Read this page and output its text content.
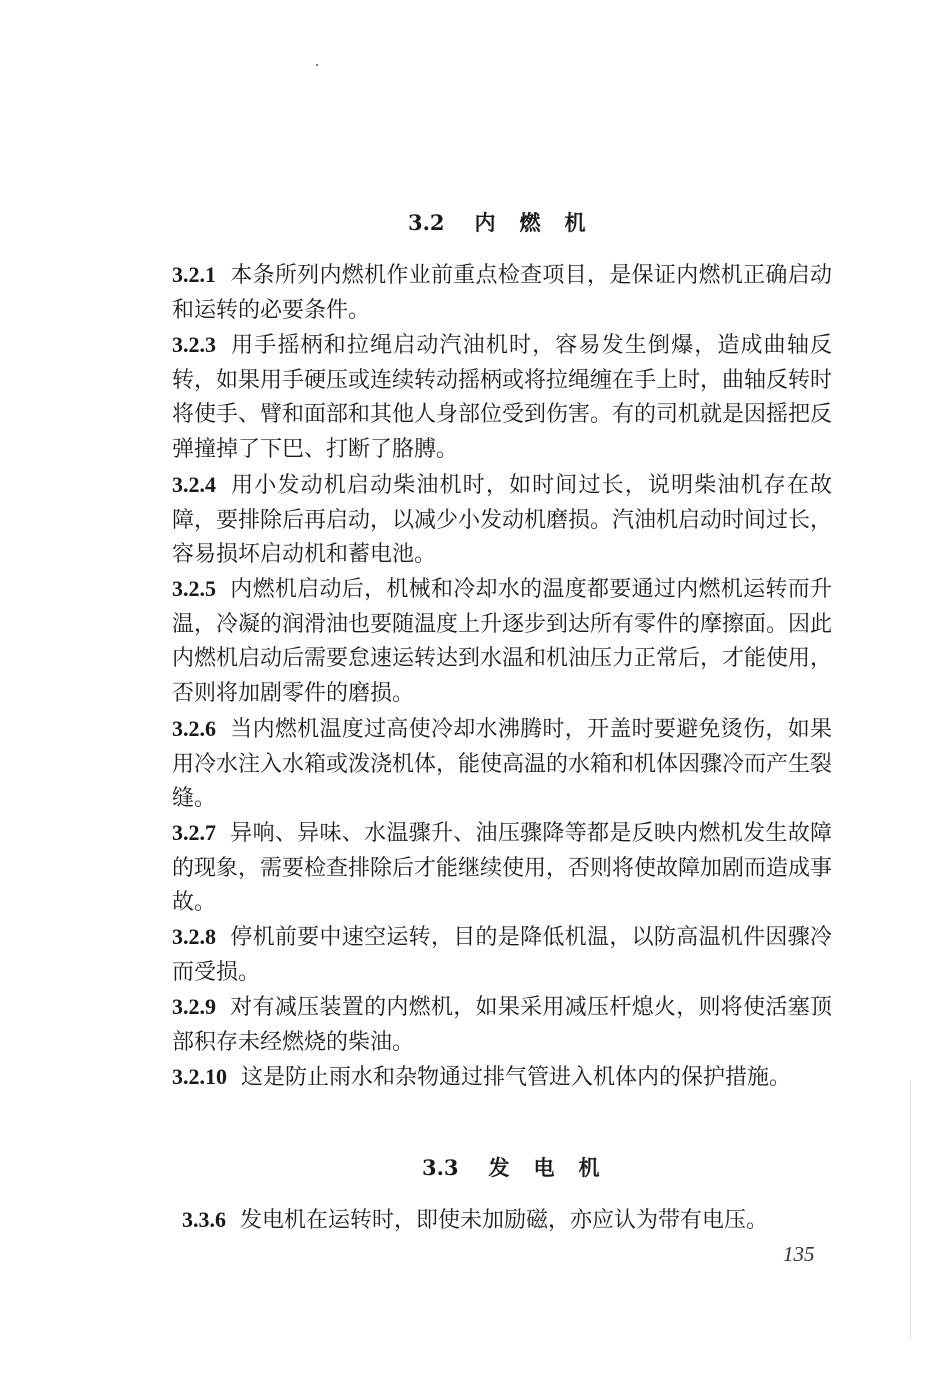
3.2 内 燃 机

3.2.1 本条所列内燃机作业前重点检查项目，是保证内燃机正确启动和运转的必要条件。

3.2.3 用手摇柄和拉绳启动汽油机时，容易发生倒爆，造成曲轴反转，如果用手硬压或连续转动摇柄或将拉绳缠在手上时，曲轴反转时将使手、臂和面部和其他人身部位受到伤害。有的司机就是因摇把反弹撞掉了下巴、打断了胳膊。

3.2.4 用小发动机启动柴油机时，如时间过长，说明柴油机存在故障，要排除后再启动，以减少小发动机磨损。汽油机启动时间过长，容易损坏启动机和蓄电池。

3.2.5 内燃机启动后，机械和冷却水的温度都要通过内燃机运转而升温，冷凝的润滑油也要随温度上升逐步到达所有零件的摩擦面。因此内燃机启动后需要怠速运转达到水温和机油压力正常后，才能使用，否则将加剧零件的磨损。

3.2.6 当内燃机温度过高使冷却水沸腾时，开盖时要避免烫伤，如果用冷水注入水箱或泼浇机体，能使高温的水箱和机体因骤冷而产生裂缝。

3.2.7 异响、异味、水温骤升、油压骤降等都是反映内燃机发生故障的现象，需要检查排除后才能继续使用，否则将使故障加剧而造成事故。

3.2.8 停机前要中速空运转，目的是降低机温，以防高温机件因骤冷而受损。

3.2.9 对有减压装置的内燃机，如果采用减压杆熄火，则将使活塞顶部积存未经燃烧的柴油。

3.2.10 这是防止雨水和杂物通过排气管进入机体内的保护措施。

3.3 发 电 机

3.3.6 发电机在运转时，即使未加励磁，亦应认为带有电压。

135
